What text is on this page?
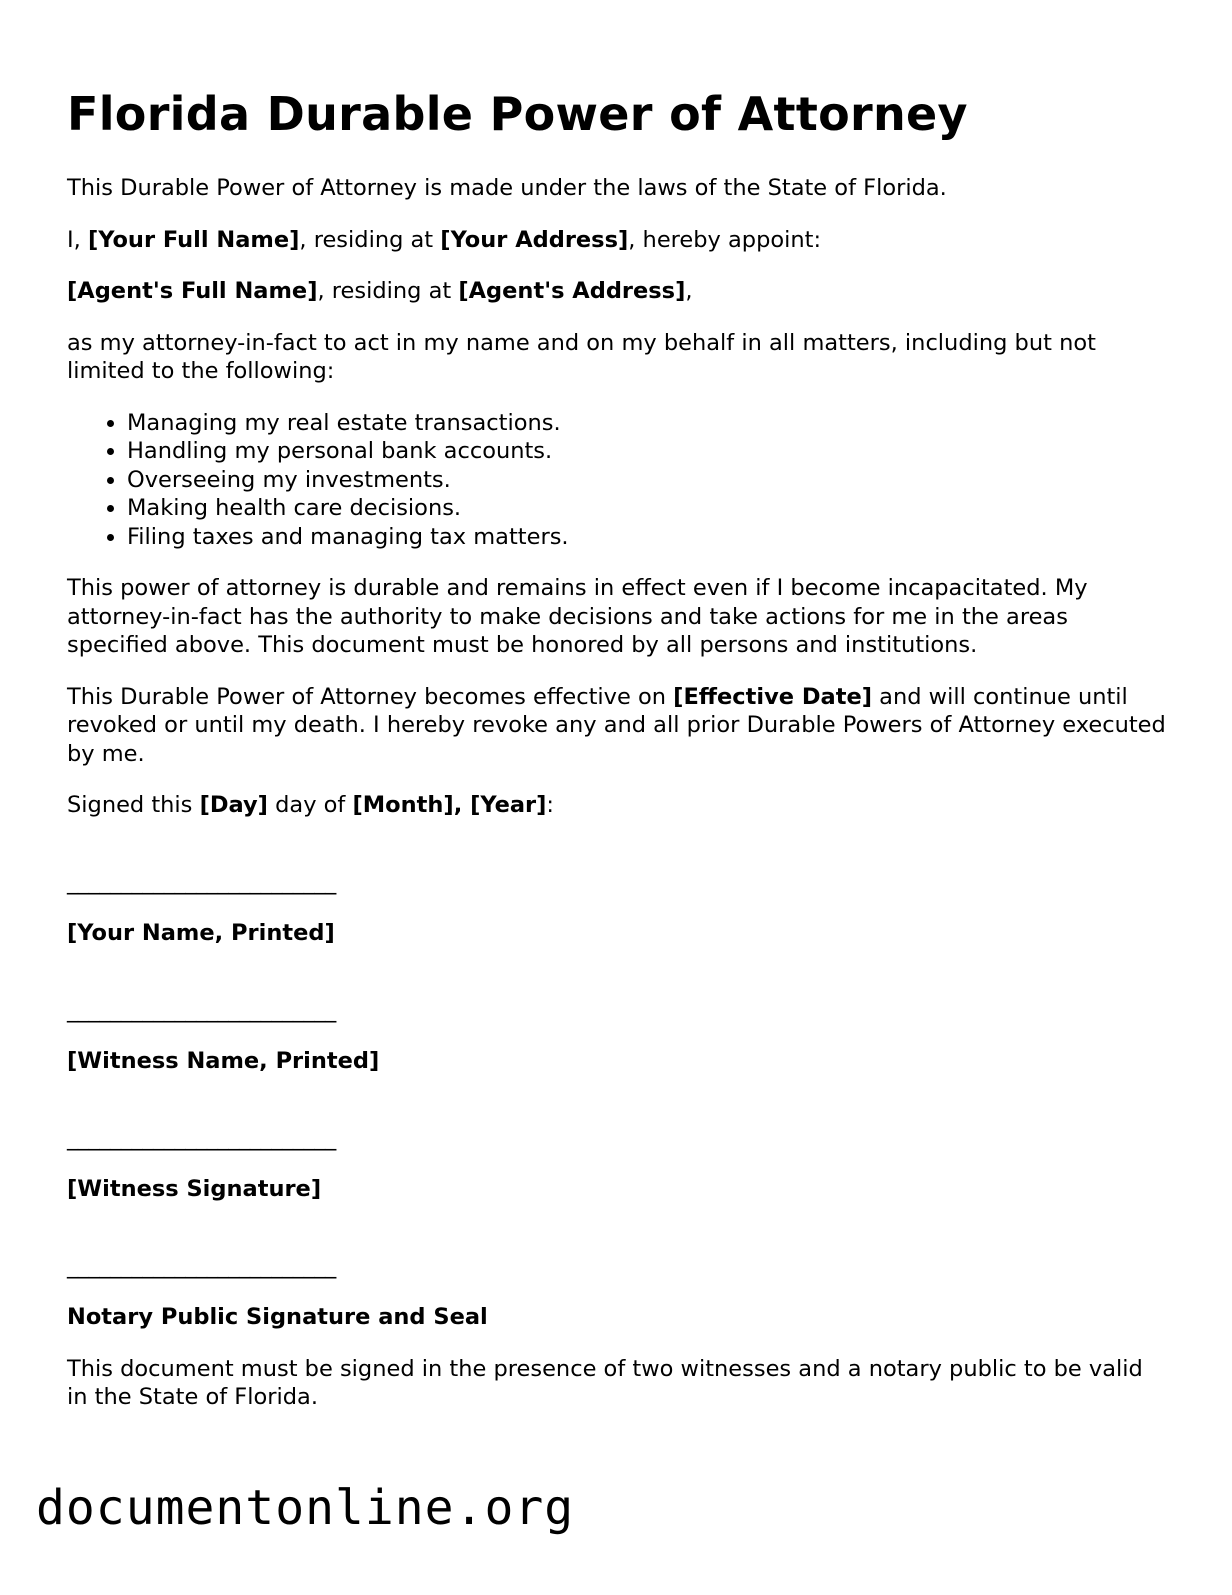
Florida Durable Power of Attorney

This Durable Power of Attorney is made under the laws of the State of Florida.

I, [Your Full Name], residing at [Your Address], hereby appoint:

[Agent's Full Name], residing at [Agent's Address],

as my attorney-in-fact to act in my name and on my behalf in all matters, including but not limited to the following:

• Managing my real estate transactions.
• Handling my personal bank accounts.
• Overseeing my investments.
• Making health care decisions.
• Filing taxes and managing tax matters.

This power of attorney is durable and remains in effect even if I become incapacitated. My attorney-in-fact has the authority to make decisions and take actions for me in the areas specified above. This document must be honored by all persons and institutions.

This Durable Power of Attorney becomes effective on [Effective Date] and will continue until revoked or until my death. I hereby revoke any and all prior Durable Powers of Attorney executed by me.

Signed this [Day] day of [Month], [Year]:

_________________________
[Your Name, Printed]
_________________________
[Witness Name, Printed]
_________________________
[Witness Signature]
_________________________
Notary Public Signature and Seal

This document must be signed in the presence of two witnesses and a notary public to be valid in the State of Florida.

documentonline.org
